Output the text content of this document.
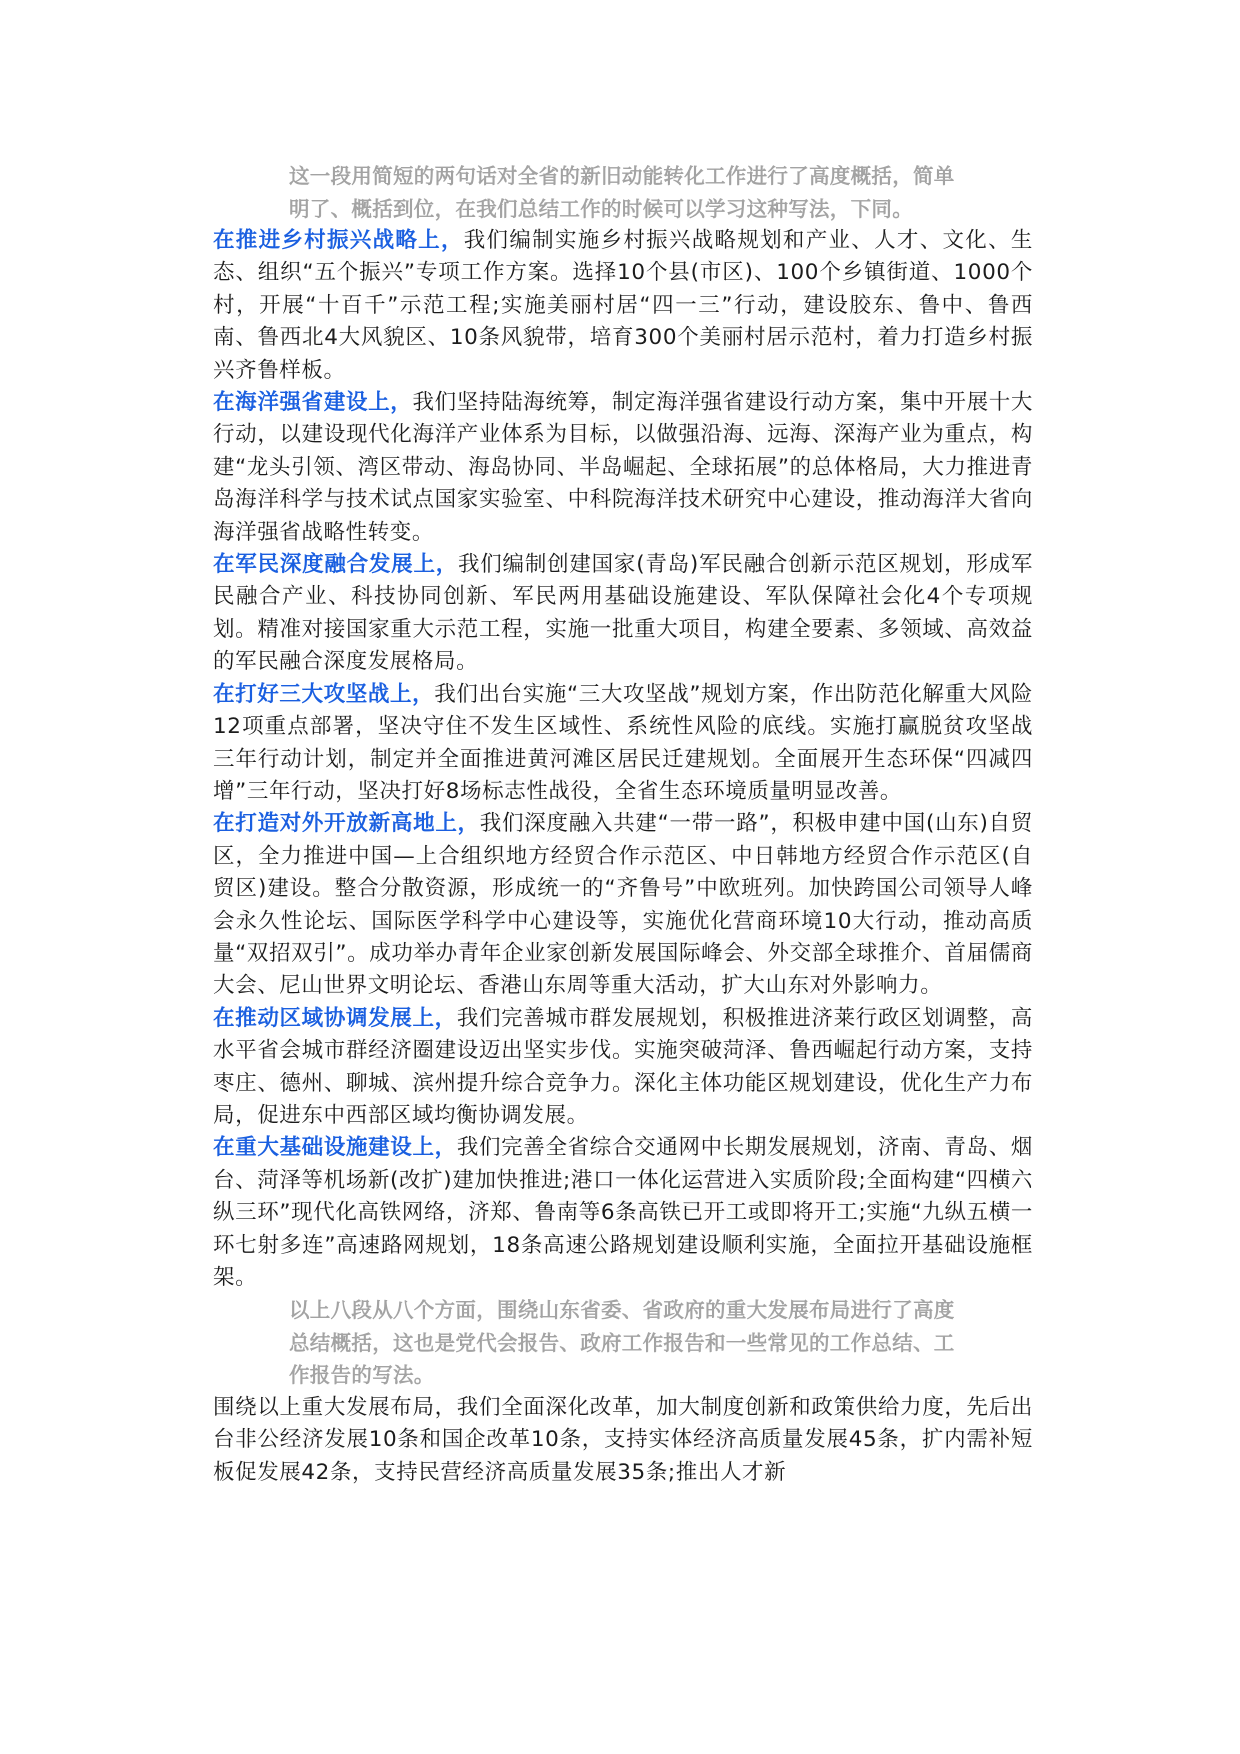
这一段用简短的两句话对全省的新旧动能转化工作进行了高度概括，简单明了、概括到位，在我们总结工作的时候可以学习这种写法，下同。

在推进乡村振兴战略上，我们编制实施乡村振兴战略规划和产业、人才、文化、生态、组织“五个振兴”专项工作方案。选择10个县(市区)、100个乡镇街道、1000个村，开展“十百千”示范工程;实施美丽村居“四一三”行动，建设胶东、鲁中、鲁西南、鲁西北4大风貌区、10条风貌带，培育300个美丽村居示范村，着力打造乡村振兴齐鲁样板。

在海洋强省建设上，我们坚持陆海统筹，制定海洋强省建设行动方案，集中开展十大行动，以建设现代化海洋产业体系为目标，以做强沿海、远海、深海产业为重点，构建“龙头引领、湾区带动、海岛协同、半岛崛起、全球拓展”的总体格局，大力推进青岛海洋科学与技术试点国家实验室、中科院海洋技术研究中心建设，推动海洋大省向海洋强省战略性转变。

在军民深度融合发展上，我们编制创建国家(青岛)军民融合创新示范区规划，形成军民融合产业、科技协同创新、军民两用基础设施建设、军队保障社会化4个专项规划。精准对接国家重大示范工程，实施一批重大项目，构建全要素、多领域、高效益的军民融合深度发展格局。

在打好三大攻坚战上，我们出台实施“三大攻坚战”规划方案，作出防范化解重大风险12项重点部署，坚决守住不发生区域性、系统性风险的底线。实施打赢脱贫攻坚战三年行动计划，制定并全面推进黄河滩区居民迁建规划。全面展开生态环保“四减四增”三年行动，坚决打好8场标志性战役，全省生态环境质量明显改善。

在打造对外开放新高地上，我们深度融入共建“一带一路”，积极申建中国(山东)自贸区，全力推进中国—上合组织地方经贸合作示范区、中日韩地方经贸合作示范区(自贸区)建设。整合分散资源，形成统一的“齐鲁号”中欧班列。加快跨国公司领导人峰会永久性论坛、国际医学科学中心建设等，实施优化营商环境10大行动，推动高质量“双招双引”。成功举办青年企业家创新发展国际峰会、外交部全球推介、首届儒商大会、尼山世界文明论坛、香港山东周等重大活动，扩大山东对外影响力。

在推动区域协调发展上，我们完善城市群发展规划，积极推进济莱行政区划调整，高水平省会城市群经济圈建设迈出坚实步伐。实施突破菏泽、鲁西崛起行动方案，支持枣庄、德州、聊城、滨州提升综合竞争力。深化主体功能区规划建设，优化生产力布局，促进东中西部区域均衡协调发展。

在重大基础设施建设上，我们完善全省综合交通网中长期发展规划，济南、青岛、烟台、菏泽等机场新(改扩)建加快推进;港口一体化运营进入实质阶段;全面构建“四横六纵三环”现代化高铁网络，济郑、鲁南等6条高铁已开工或即将开工;实施“九纵五横一环七射多连”高速路网规划，18条高速公路规划建设顺利实施，全面拉开基础设施框架。

以上八段从八个方面，围绕山东省委、省政府的重大发展布局进行了高度总结概括，这也是党代会报告、政府工作报告和一些常见的工作总结、工作报告的写法。

围绕以上重大发展布局，我们全面深化改革，加大制度创新和政策供给力度，先后出台非公经济发展10条和国企改革10条，支持实体经济高质量发展45条，扩内需补短板促发展42条，支持民营经济高质量发展35条;推出人才新
